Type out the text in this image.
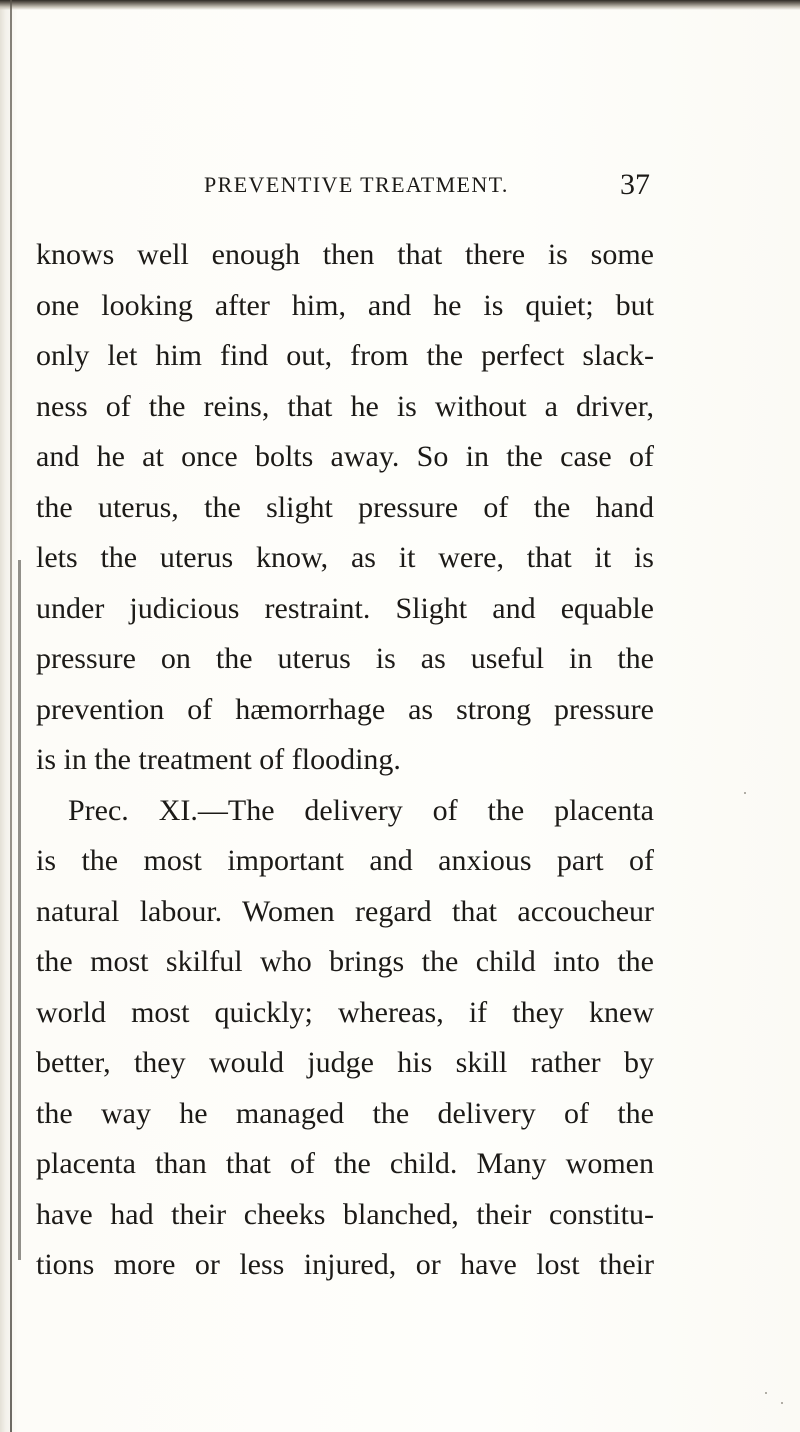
PREVENTIVE TREATMENT.	37
knows well enough then that there is some
one looking after him, and he is quiet; but
only let him find out, from the perfect slack-
ness of the reins, that he is without a driver,
and he at once bolts away. So in the case of
the uterus, the slight pressure of the hand
lets the uterus know, as it were, that it is
under judicious restraint. Slight and equable
pressure on the uterus is as useful in the
prevention of hæmorrhage as strong pressure
is in the treatment of flooding.
Prec. XI.—The delivery of the placenta
is the most important and anxious part of
natural labour. Women regard that accoucheur
the most skilful who brings the child into the
world most quickly; whereas, if they knew
better, they would judge his skill rather by
the way he managed the delivery of the
placenta than that of the child. Many women
have had their cheeks blanched, their constitu-
tions more or less injured, or have lost their
